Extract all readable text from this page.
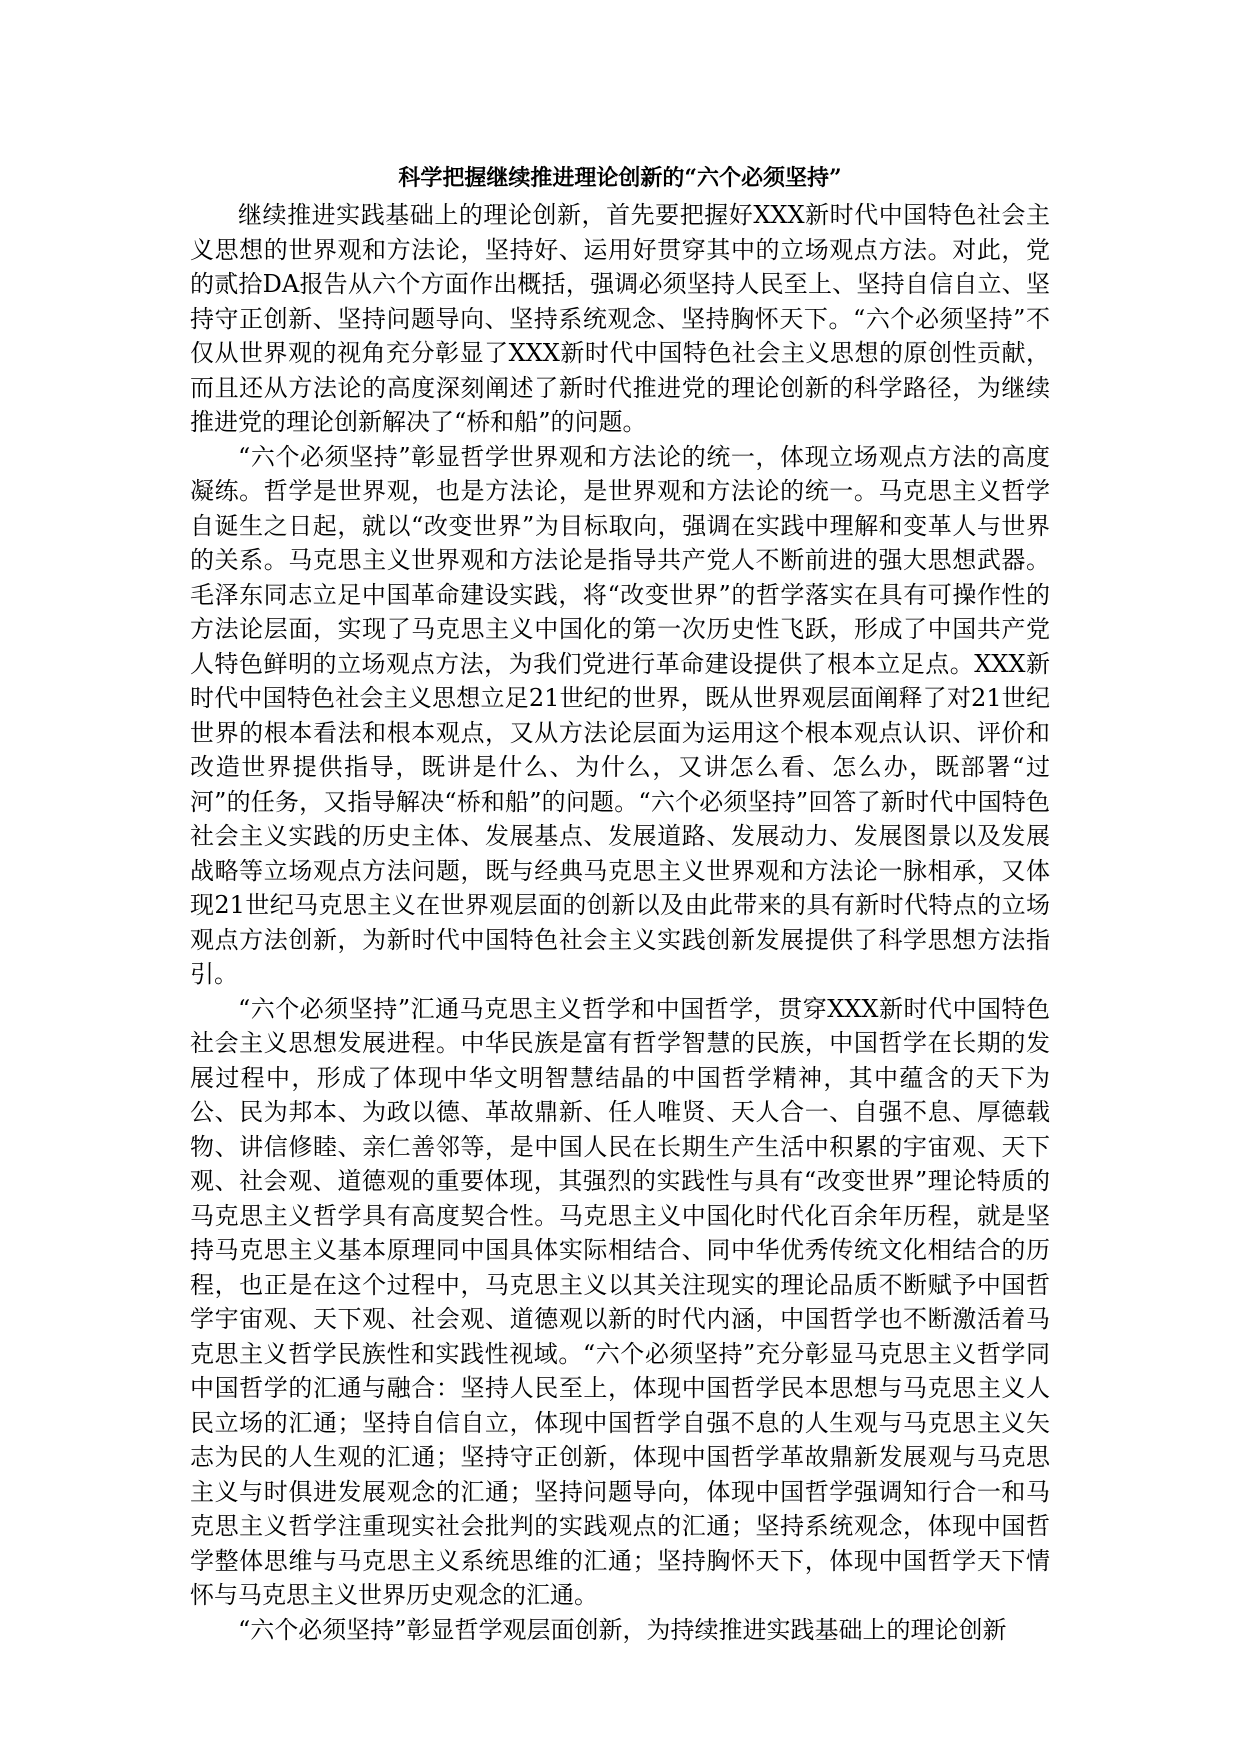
科学把握继续推进理论创新的“六个必须坚持”

继续推进实践基础上的理论创新，首先要把握好XXX新时代中国特色社会主义思想的世界观和方法论，坚持好、运用好贯穿其中的立场观点方法。对此，党的贰拾DA报告从六个方面作出概括，强调必须坚持人民至上、坚持自信自立、坚持守正创新、坚持问题导向、坚持系统观念、坚持胸怀天下。“六个必须坚持”不仅从世界观的视角充分彰显了XXX新时代中国特色社会主义思想的原创性贡献，而且还从方法论的高度深刻阐述了新时代推进党的理论创新的科学路径，为继续推进党的理论创新解决了“桥和船”的问题。

“六个必须坚持”彰显哲学世界观和方法论的统一，体现立场观点方法的高度凝练。哲学是世界观，也是方法论，是世界观和方法论的统一。马克思主义哲学自诞生之日起，就以“改变世界”为目标取向，强调在实践中理解和变革人与世界的关系。马克思主义世界观和方法论是指导共产党人不断前进的强大思想武器。毛泽东同志立足中国革命建设实践，将“改变世界”的哲学落实在具有可操作性的方法论层面，实现了马克思主义中国化的第一次历史性飞跃，形成了中国共产党人特色鲜明的立场观点方法，为我们党进行革命建设提供了根本立足点。XXX新时代中国特色社会主义思想立足21世纪的世界，既从世界观层面阐释了对21世纪世界的根本看法和根本观点，又从方法论层面为运用这个根本观点认识、评价和改造世界提供指导，既讲是什么、为什么，又讲怎么看、怎么办，既部署“过河”的任务，又指导解决“桥和船”的问题。“六个必须坚持”回答了新时代中国特色社会主义实践的历史主体、发展基点、发展道路、发展动力、发展图景以及发展战略等立场观点方法问题，既与经典马克思主义世界观和方法论一脉相承，又体现21世纪马克思主义在世界观层面的创新以及由此带来的具有新时代特点的立场观点方法创新，为新时代中国特色社会主义实践创新发展提供了科学思想方法指引。

“六个必须坚持”汇通马克思主义哲学和中国哲学，贯穿XXX新时代中国特色社会主义思想发展进程。中华民族是富有哲学智慧的民族，中国哲学在长期的发展过程中，形成了体现中华文明智慧结晶的中国哲学精神，其中蕴含的天下为公、民为邦本、为政以德、革故鼎新、任人唯贤、天人合一、自强不息、厚德载物、讲信修睦、亲仁善邻等，是中国人民在长期生产生活中积累的宇宙观、天下观、社会观、道德观的重要体现，其强烈的实践性与具有“改变世界”理论特质的马克思主义哲学具有高度契合性。马克思主义中国化时代化百余年历程，就是坚持马克思主义基本原理同中国具体实际相结合、同中华优秀传统文化相结合的历程，也正是在这个过程中，马克思主义以其关注现实的理论品质不断赋予中国哲学宇宙观、天下观、社会观、道德观以新的时代内涵，中国哲学也不断激活着马克思主义哲学民族性和实践性视域。“六个必须坚持”充分彰显马克思主义哲学同中国哲学的汇通与融合：坚持人民至上，体现中国哲学民本思想与马克思主义人民立场的汇通；坚持自信自立，体现中国哲学自强不息的人生观与马克思主义矢志为民的人生观的汇通；坚持守正创新，体现中国哲学革故鼎新发展观与马克思主义与时俱进发展观念的汇通；坚持问题导向，体现中国哲学强调知行合一和马克思主义哲学注重现实社会批判的实践观点的汇通；坚持系统观念，体现中国哲学整体思维与马克思主义系统思维的汇通；坚持胸怀天下，体现中国哲学天下情怀与马克思主义世界历史观念的汇通。

“六个必须坚持”彰显哲学观层面创新，为持续推进实践基础上的理论创新
